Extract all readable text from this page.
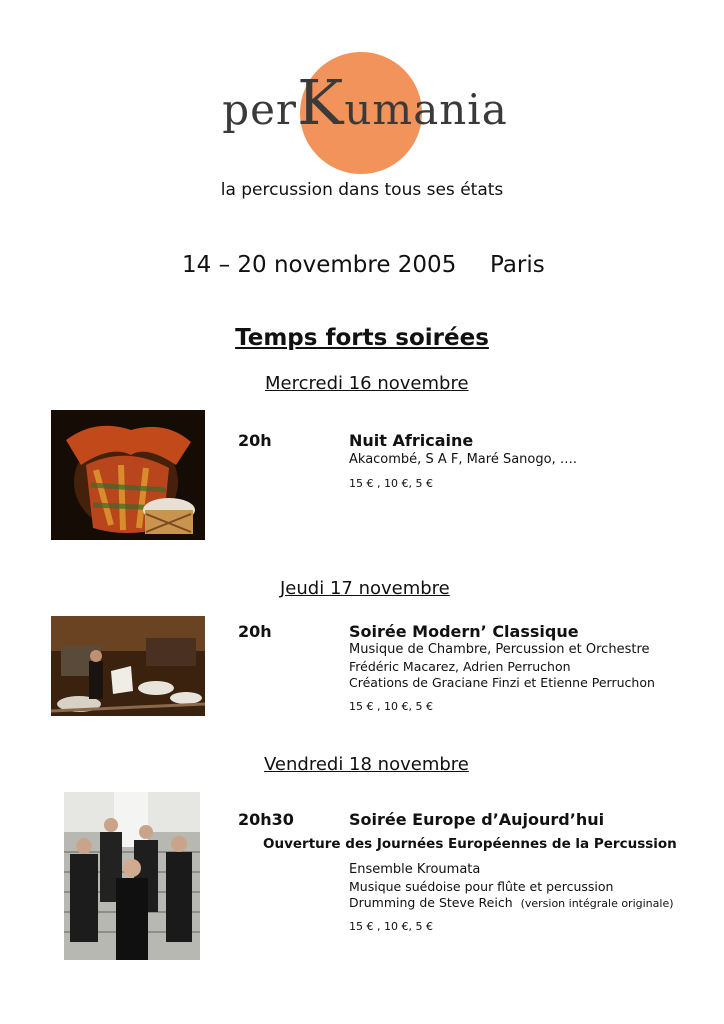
perKumania
la percussion dans tous ses états
14 – 20 novembre 2005 Paris
Temps forts soirées
Mercredi 16 novembre
20h	Nuit Africaine
Akacombé, S A F, Maré Sanogo, ….
15 € , 10 €, 5 €
Jeudi 17 novembre
20h	Soirée Modern’ Classique
Musique de Chambre, Percussion et Orchestre
Frédéric Macarez, Adrien Perruchon
Créations de Graciane Finzi et Etienne Perruchon
15 € , 10 €, 5 €
Vendredi 18 novembre
20h30	Soirée Europe d’Aujourd’hui
Ouverture des Journées Européennes de la Percussion
Ensemble Kroumata
Musique suédoise pour flûte et percussion
Drumming de Steve Reich (version intégrale originale)
15 € , 10 €, 5 €
